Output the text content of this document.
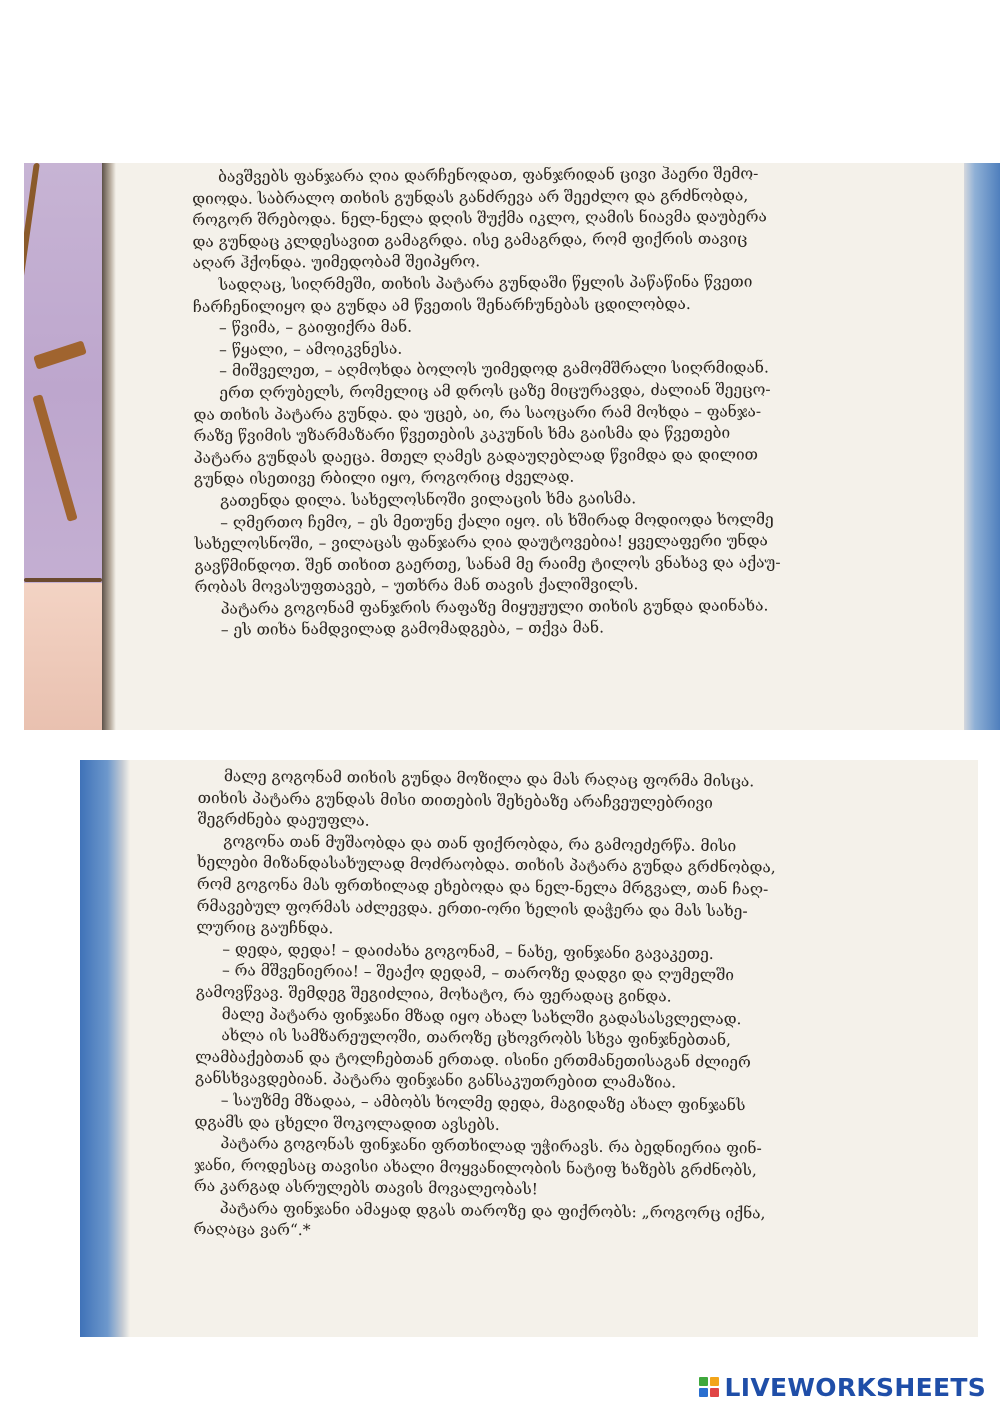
ბავშვებს ფანჯარა ღია დარჩენოდათ, ფანჯრიდან ცივი ჰაერი შემო-
დიოდა. საბრალო თიხის გუნდას განძრევა არ შეეძლო და გრძნობდა,
როგორ შრებოდა. ნელ-ნელა დღის შუქმა იკლო, ღამის ნიავმა დაუბერა
და გუნდაც კლდესავით გამაგრდა. ისე გამაგრდა, რომ ფიქრის თავიც
აღარ ჰქონდა. უიმედობამ შეიპყრო.
სადღაც, სიღრმეში, თიხის პატარა გუნდაში წყლის პაწაწინა წვეთი
ჩარჩენილიყო და გუნდა ამ წვეთის შენარჩუნებას ცდილობდა.
– წვიმა, – გაიფიქრა მან.
– წყალი, – ამოიკვნესა.
– მიშველეთ, – აღმოხდა ბოლოს უიმედოდ გამომშრალი სიღრმიდან.
ერთ ღრუბელს, რომელიც ამ დროს ცაზე მიცურავდა, ძალიან შეეცო-
და თიხის პატარა გუნდა. და უცებ, აი, რა საოცარი რამ მოხდა – ფანჯა-
რაზე წვიმის უზარმაზარი წვეთების კაკუნის ხმა გაისმა და წვეთები
პატარა გუნდას დაეცა. მთელ ღამეს გადაუღებლად წვიმდა და დილით
გუნდა ისეთივე რბილი იყო, როგორიც ძველად.
გათენდა დილა. სახელოსნოში ვილაცის ხმა გაისმა.
– ღმერთო ჩემო, – ეს მეთუნე ქალი იყო. ის ხშირად მოდიოდა ხოლმე
სახელოსნოში, – ვილაცას ფანჯარა ღია დაუტოვებია! ყველაფერი უნდა
გავწმინდოთ. შენ თიხით გაერთე, სანამ მე რაიმე ტილოს ვნახავ და აქაუ-
რობას მოვასუფთავებ, – უთხრა მან თავის ქალიშვილს.
პატარა გოგონამ ფანჯრის რაფაზე მიყუჟული თიხის გუნდა დაინახა.
– ეს თიხა ნამდვილად გამომადგება, – თქვა მან.
მალე გოგონამ თიხის გუნდა მოზილა და მას რაღაც ფორმა მისცა.
თიხის პატარა გუნდას მისი თითების შეხებაზე არაჩვეულებრივი
შეგრძნება დაეუფლა.
გოგონა თან მუშაობდა და თან ფიქრობდა, რა გამოეძერწა. მისი
ხელები მიზანდასახულად მოძრაობდა. თიხის პატარა გუნდა გრძნობდა,
რომ გოგონა მას ფრთხილად ეხებოდა და ნელ-ნელა მრგვალ, თან ჩაღ-
რმავებულ ფორმას აძლევდა. ერთი-ორი ხელის დაჭერა და მას სახე-
ლურიც გაუჩნდა.
– დედა, დედა! – დაიძახა გოგონამ, – ნახე, ფინჯანი გავაკეთე.
– რა მშვენიერია! – შეაქო დედამ, – თაროზე დადგი და ღუმელში
გამოვწვავ. შემდეგ შეგიძლია, მოხატო, რა ფერადაც გინდა.
მალე პატარა ფინჯანი მზად იყო ახალ სახლში გადასასვლელად.
ახლა ის სამზარეულოში, თაროზე ცხოვრობს სხვა ფინჯნებთან,
ლამბაქებთან და ტოლჩებთან ერთად. ისინი ერთმანეთისაგან ძლიერ
განსხვავდებიან. პატარა ფინჯანი განსაკუთრებით ლამაზია.
– საუზმე მზადაა, – ამბობს ხოლმე დედა, მაგიდაზე ახალ ფინჯანს
დგამს და ცხელი შოკოლადით ავსებს.
პატარა გოგონას ფინჯანი ფრთხილად უჭირავს. რა ბედნიერია ფინ-
ჯანი, როდესაც თავისი ახალი მოყვანილობის ნატიფ ხაზებს გრძნობს,
რა კარგად ასრულებს თავის მოვალეობას!
პატარა ფინჯანი ამაყად დგას თაროზე და ფიქრობს: „როგორც იქნა,
რაღაცა ვარ“.*
LIVEWORKSHEETS
